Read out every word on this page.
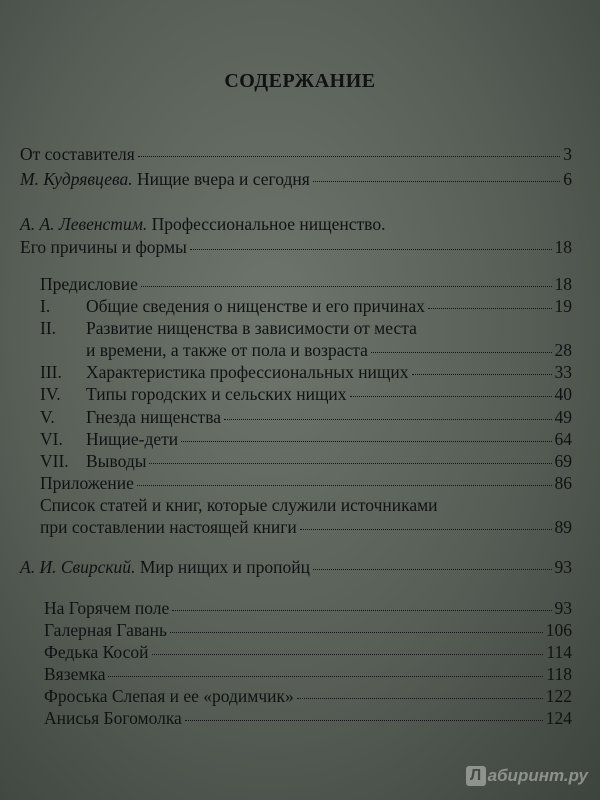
СОДЕРЖАНИЕ
От составителя	3
М. Кудрявцева. Нищие вчера и сегодня	6
А. А. Левенстим. Профессиональное нищенство.
Его причины и формы	18
Предисловие	18
I.	Общие сведения о нищенстве и его причинах	19
II. Развитие нищенства в зависимости от места
и времени, а также от пола и возраста	28
III.	Характеристика профессиональных нищих	33
IV.	Типы городских и сельских нищих	40
V.	Гнезда нищенства	49
VI.	Нищие-дети	64
VII. Выводы	69
Приложение	86
Список статей и книг, которые служили источниками
при составлении настоящей книги	89
А. И. Свирский. Мир нищих и пропойц	93
На Горячем поле	93
Галерная Гавань	106
Федька Косой	114
Вяземка	118
Фроська Слепая и ее «родимчик»	122
Анисья Богомолка	124
Л абиринт.ру
